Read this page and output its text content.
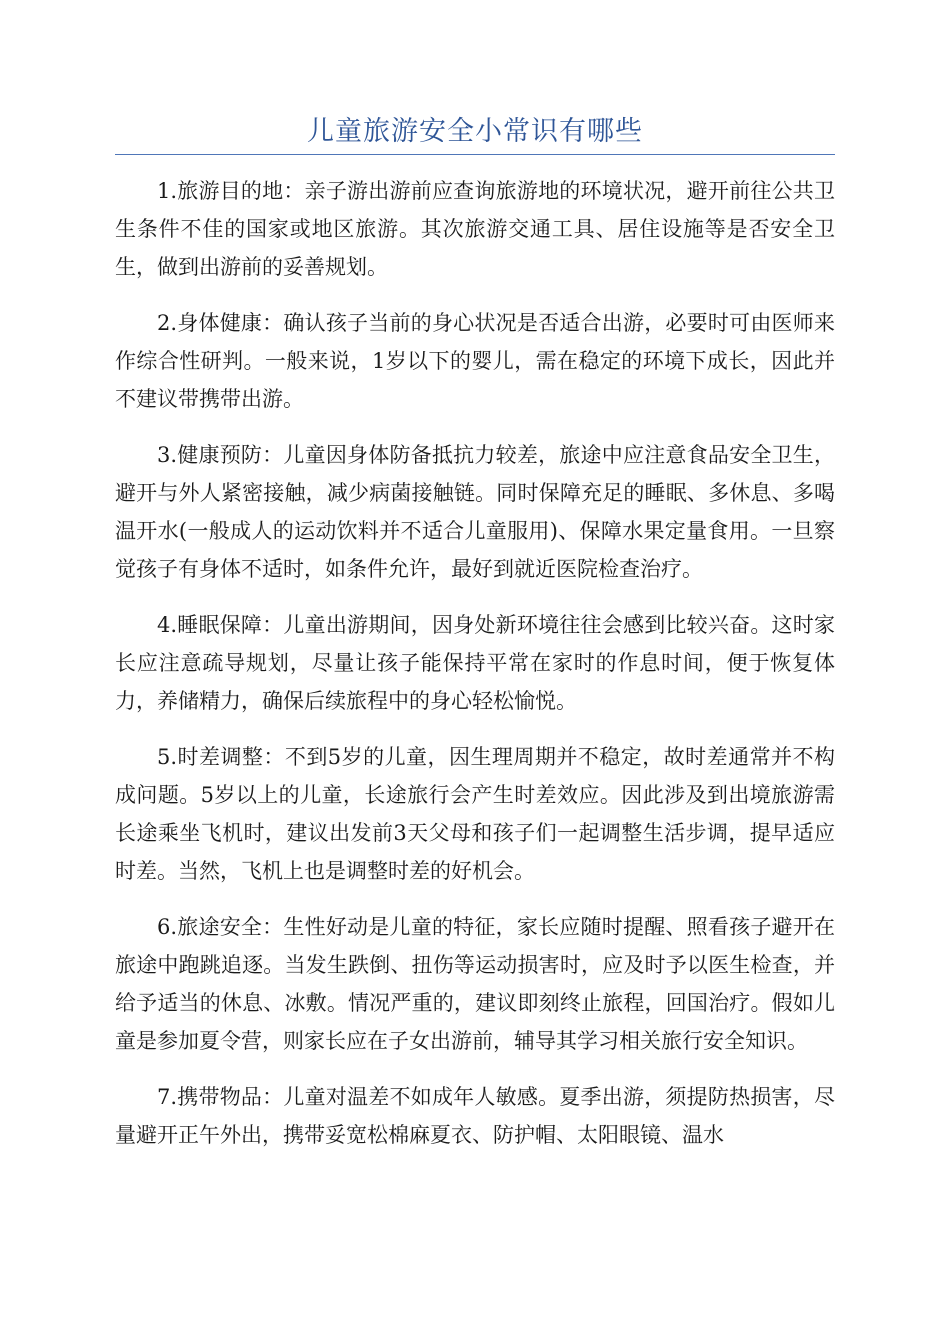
儿童旅游安全小常识有哪些

1.旅游目的地：亲子游出游前应查询旅游地的环境状况，避开前往公共卫生条件不佳的国家或地区旅游。其次旅游交通工具、居住设施等是否安全卫生，做到出游前的妥善规划。

2.身体健康：确认孩子当前的身心状况是否适合出游，必要时可由医师来作综合性研判。一般来说，1岁以下的婴儿，需在稳定的环境下成长，因此并不建议带携带出游。

3.健康预防：儿童因身体防备抵抗力较差，旅途中应注意食品安全卫生，避开与外人紧密接触，减少病菌接触链。同时保障充足的睡眠、多休息、多喝温开水(一般成人的运动饮料并不适合儿童服用)、保障水果定量食用。一旦察觉孩子有身体不适时，如条件允许，最好到就近医院检查治疗。

4.睡眠保障：儿童出游期间，因身处新环境往往会感到比较兴奋。这时家长应注意疏导规划，尽量让孩子能保持平常在家时的作息时间，便于恢复体力，养储精力，确保后续旅程中的身心轻松愉悦。

5.时差调整：不到5岁的儿童，因生理周期并不稳定，故时差通常并不构成问题。5岁以上的儿童，长途旅行会产生时差效应。因此涉及到出境旅游需长途乘坐飞机时，建议出发前3天父母和孩子们一起调整生活步调，提早适应时差。当然，飞机上也是调整时差的好机会。

6.旅途安全：生性好动是儿童的特征，家长应随时提醒、照看孩子避开在旅途中跑跳追逐。当发生跌倒、扭伤等运动损害时，应及时予以医生检查，并给予适当的休息、冰敷。情况严重的，建议即刻终止旅程，回国治疗。假如儿童是参加夏令营，则家长应在子女出游前，辅导其学习相关旅行安全知识。

7.携带物品：儿童对温差不如成年人敏感。夏季出游，须提防热损害，尽量避开正午外出，携带妥宽松棉麻夏衣、防护帽、太阳眼镜、温水
